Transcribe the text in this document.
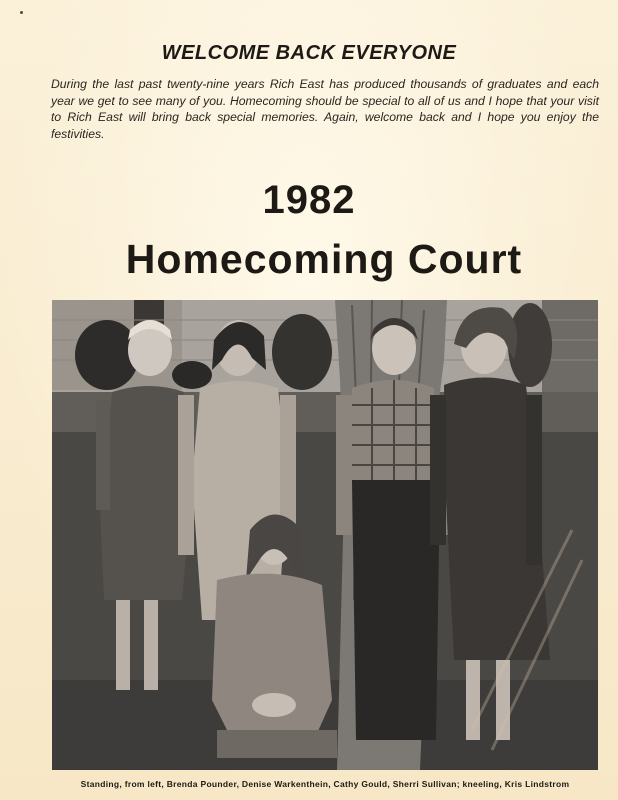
WELCOME BACK EVERYONE
During the last past twenty-nine years Rich East has produced thousands of graduates and each year we get to see many of you. Homecoming should be special to all of us and I hope that your visit to Rich East will bring back special memories. Again, welcome back and I hope you enjoy the festivities.
1982
Homecoming Court
Standing, from left, Brenda Pounder, Denise Warkenthein, Cathy Gould, Sherri Sullivan; kneeling, Kris Lindstrom
